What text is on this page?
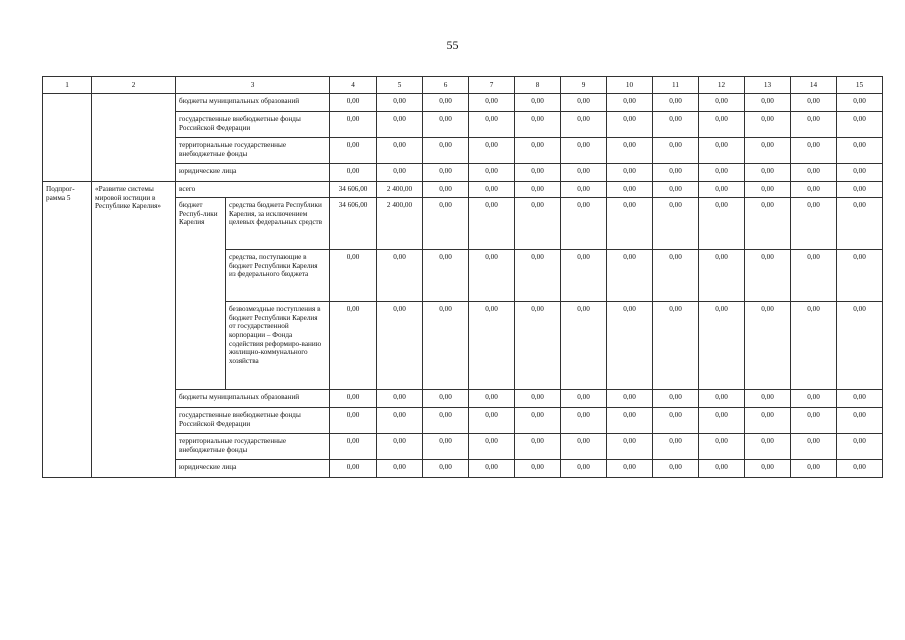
55
1	2	3		4	5	6	7	8	9	10	11	12	13	14	15
		бюджеты муниципальных образований		0,00	0,00	0,00	0,00	0,00	0,00	0,00	0,00	0,00	0,00	0,00	0,00
		государственные внебюджетные фонды Российской Федерации		0,00	0,00	0,00	0,00	0,00	0,00	0,00	0,00	0,00	0,00	0,00	0,00
		территориальные государственные внебюджетные фонды		0,00	0,00	0,00	0,00	0,00	0,00	0,00	0,00	0,00	0,00	0,00	0,00
		юридические лица		0,00	0,00	0,00	0,00	0,00	0,00	0,00	0,00	0,00	0,00	0,00	0,00
Подпрог-рамма 5	«Развитие системы мировой юстиции в Республике Карелия»	всего		34 606,00	2 400,00	0,00	0,00	0,00	0,00	0,00	0,00	0,00	0,00	0,00	0,00
		бюджет Респуб-лики Карелия	средства бюджета Республики Карелия, за исключением целевых федеральных средств	34 606,00	2 400,00	0,00	0,00	0,00	0,00	0,00	0,00	0,00	0,00	0,00	0,00
			средства, поступающие в бюджет Республики Карелия из федерального бюджета	0,00	0,00	0,00	0,00	0,00	0,00	0,00	0,00	0,00	0,00	0,00	0,00
			безвозмездные поступления в бюджет Республики Карелия от государственной корпорации – Фонда содействия реформиро-ванию жилищно-коммунального хозяйства	0,00	0,00	0,00	0,00	0,00	0,00	0,00	0,00	0,00	0,00	0,00	0,00
		бюджеты муниципальных образований		0,00	0,00	0,00	0,00	0,00	0,00	0,00	0,00	0,00	0,00	0,00	0,00
		государственные внебюджетные фонды Российской Федерации		0,00	0,00	0,00	0,00	0,00	0,00	0,00	0,00	0,00	0,00	0,00	0,00
		территориальные государственные внебюджетные фонды		0,00	0,00	0,00	0,00	0,00	0,00	0,00	0,00	0,00	0,00	0,00	0,00
		юридические лица		0,00	0,00	0,00	0,00	0,00	0,00	0,00	0,00	0,00	0,00	0,00	0,00
